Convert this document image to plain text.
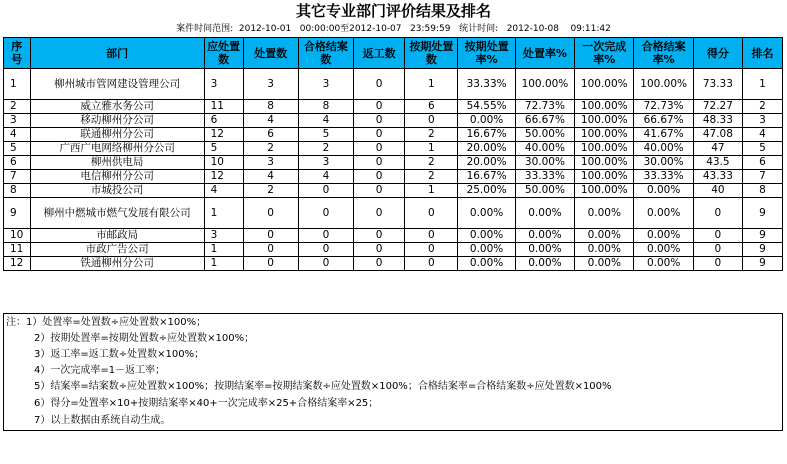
其它专业部门评价结果及排名
案件时间范围:  2012-10-01   00:00:00至2012-10-07   23:59:59   统计时间:   2012-10-08    09:11:42
序号	部门	应处置数	处置数	合格结案数	返工数	按期处置数	按期处置率%	处置率%	一次完成率%	合格结案率%	得分	排名
1	柳州城市管网建设管理公司	3	3	3	0	1	33.33%	100.00%	100.00%	100.00%	73.33	1
2	威立雅水务公司	11	8	8	0	6	54.55%	72.73%	100.00%	72.73%	72.27	2
3	移动柳州分公司	6	4	4	0	0	0.00%	66.67%	100.00%	66.67%	48.33	3
4	联通柳州分公司	12	6	5	0	2	16.67%	50.00%	100.00%	41.67%	47.08	4
5	广西广电网络柳州分公司	5	2	2	0	1	20.00%	40.00%	100.00%	40.00%	47	5
6	柳州供电局	10	3	3	0	2	20.00%	30.00%	100.00%	30.00%	43.5	6
7	电信柳州分公司	12	4	4	0	2	16.67%	33.33%	100.00%	33.33%	43.33	7
8	市城投公司	4	2	0	0	1	25.00%	50.00%	100.00%	0.00%	40	8
9	柳州中燃城市燃气发展有限公司	1	0	0	0	0	0.00%	0.00%	0.00%	0.00%	0	9
10	市邮政局	3	0	0	0	0	0.00%	0.00%	0.00%	0.00%	0	9
11	市政广告公司	1	0	0	0	0	0.00%	0.00%	0.00%	0.00%	0	9
12	铁通柳州分公司	1	0	0	0	0	0.00%	0.00%	0.00%	0.00%	0	9
注：1）处置率=处置数÷应处置数×100%；
2）按期处置率=按期处置数÷应处置数×100%；
3）返工率=返工数÷处置数×100%；
4）一次完成率=1－返工率；
5）结案率=结案数÷应处置数×100%；按期结案率=按期结案数÷应处置数×100%；合格结案率=合格结案数÷应处置数×100%
6）得分=处置率×10+按期结案率×40+一次完成率×25+合格结案率×25；
7）以上数据由系统自动生成。
